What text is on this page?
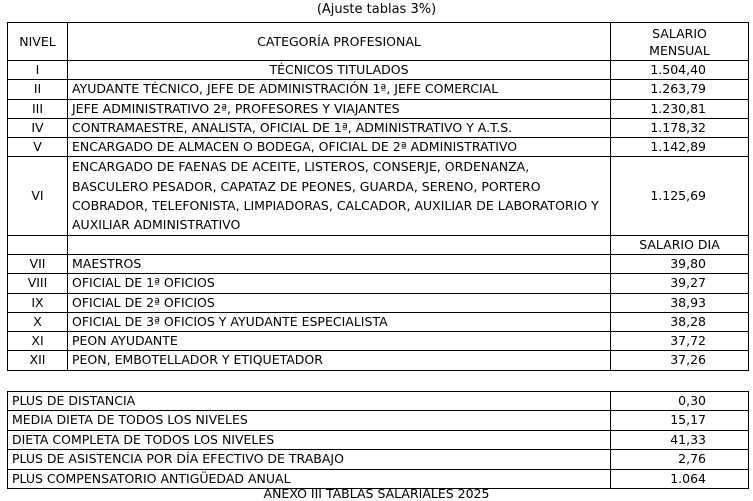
(Ajuste tablas 3%)
NIVEL	CATEGORÍA PROFESIONAL	SALARIO
MENSUAL
I	TÉCNICOS TITULADOS	1.504,40
II	AYUDANTE TÉCNICO, JEFE DE ADMINISTRACIÓN 1ª, JEFE COMERCIAL	1.263,79
III	JEFE ADMINISTRATIVO 2ª, PROFESORES Y VIAJANTES	1.230,81
IV	CONTRAMAESTRE, ANALISTA, OFICIAL DE 1ª, ADMINISTRATIVO Y A.T.S.	1.178,32
V	ENCARGADO DE ALMACEN O BODEGA, OFICIAL DE 2ª ADMINISTRATIVO	1.142,89
VI	ENCARGADO DE FAENAS DE ACEITE, LISTEROS, CONSERJE, ORDENANZA, BASCULERO PESADOR, CAPATAZ DE PEONES, GUARDA, SERENO, PORTERO COBRADOR, TELEFONISTA, LIMPIADORAS, CALCADOR, AUXILIAR DE LABORATORIO Y AUXILIAR ADMINISTRATIVO	1.125,69
		SALARIO DIA
VII	MAESTROS	39,80
VIII	OFICIAL DE 1ª OFICIOS	39,27
IX	OFICIAL DE 2ª OFICIOS	38,93
X	OFICIAL DE 3ª OFICIOS Y AYUDANTE ESPECIALISTA	38,28
XI	PEON AYUDANTE	37,72
XII	PEON, EMBOTELLADOR Y ETIQUETADOR	37,26
PLUS DE DISTANCIA	0,30
MEDIA DIETA DE TODOS LOS NIVELES	15,17
DIETA COMPLETA DE TODOS LOS NIVELES	41,33
PLUS DE ASISTENCIA POR DÍA EFECTIVO DE TRABAJO	2,76
PLUS COMPENSATORIO ANTIGÜEDAD ANUAL	1.064
ANEXO III TABLAS SALARIALES 2025
